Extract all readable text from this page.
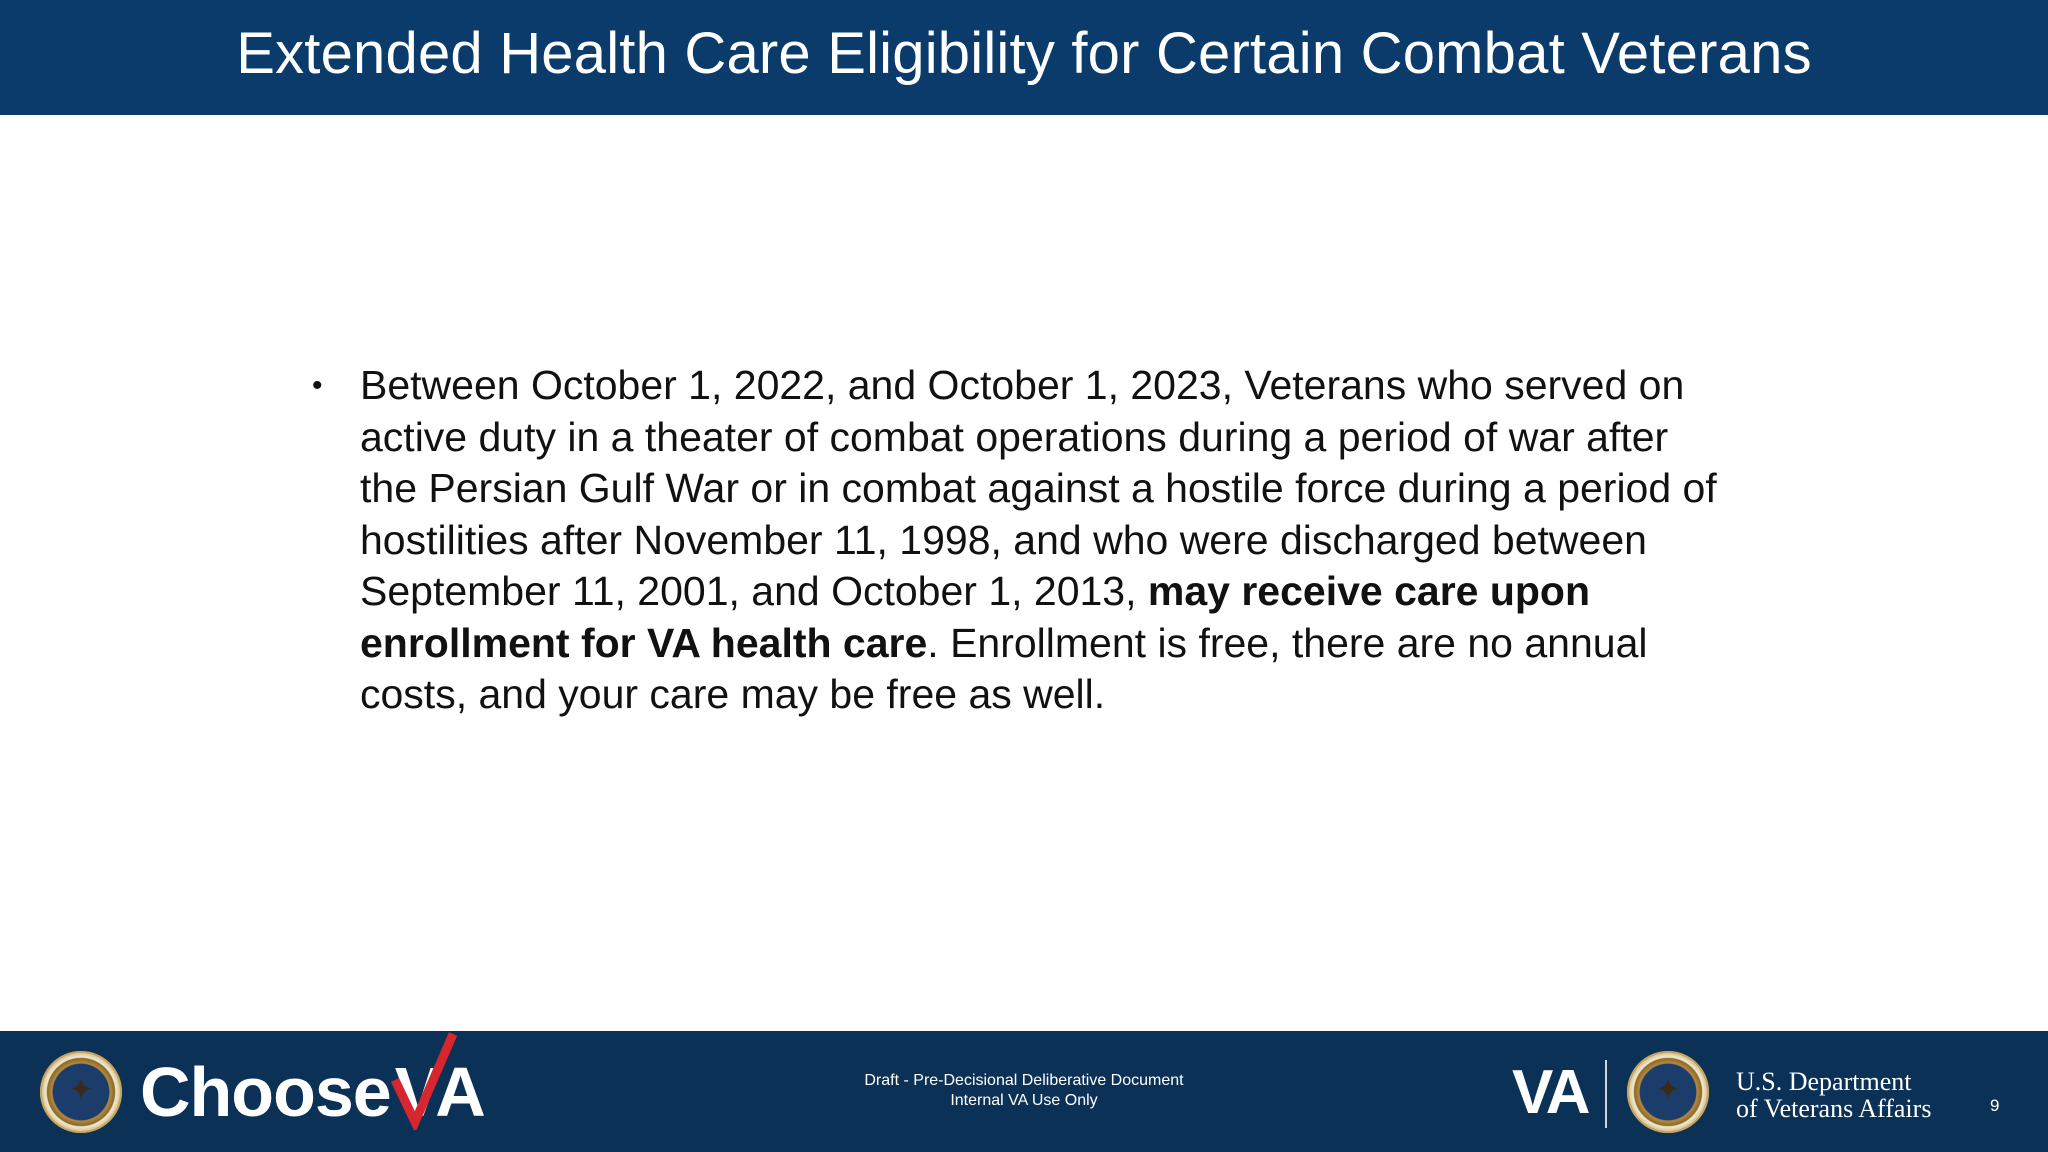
Extended Health Care Eligibility for Certain Combat Veterans
• Between October 1, 2022, and October 1, 2023, Veterans who served on active duty in a theater of combat operations during a period of war after the Persian Gulf War or in combat against a hostile force during a period of hostilities after November 11, 1998, and who were discharged between September 11, 2001, and October 1, 2013, may receive care upon enrollment for VA health care. Enrollment is free, there are no annual costs, and your care may be free as well.
✦ Choose VA	Draft - Pre-Decisional Deliberative Document
Internal VA Use Only	VA ✦ U.S. Department
of Veterans Affairs	9
